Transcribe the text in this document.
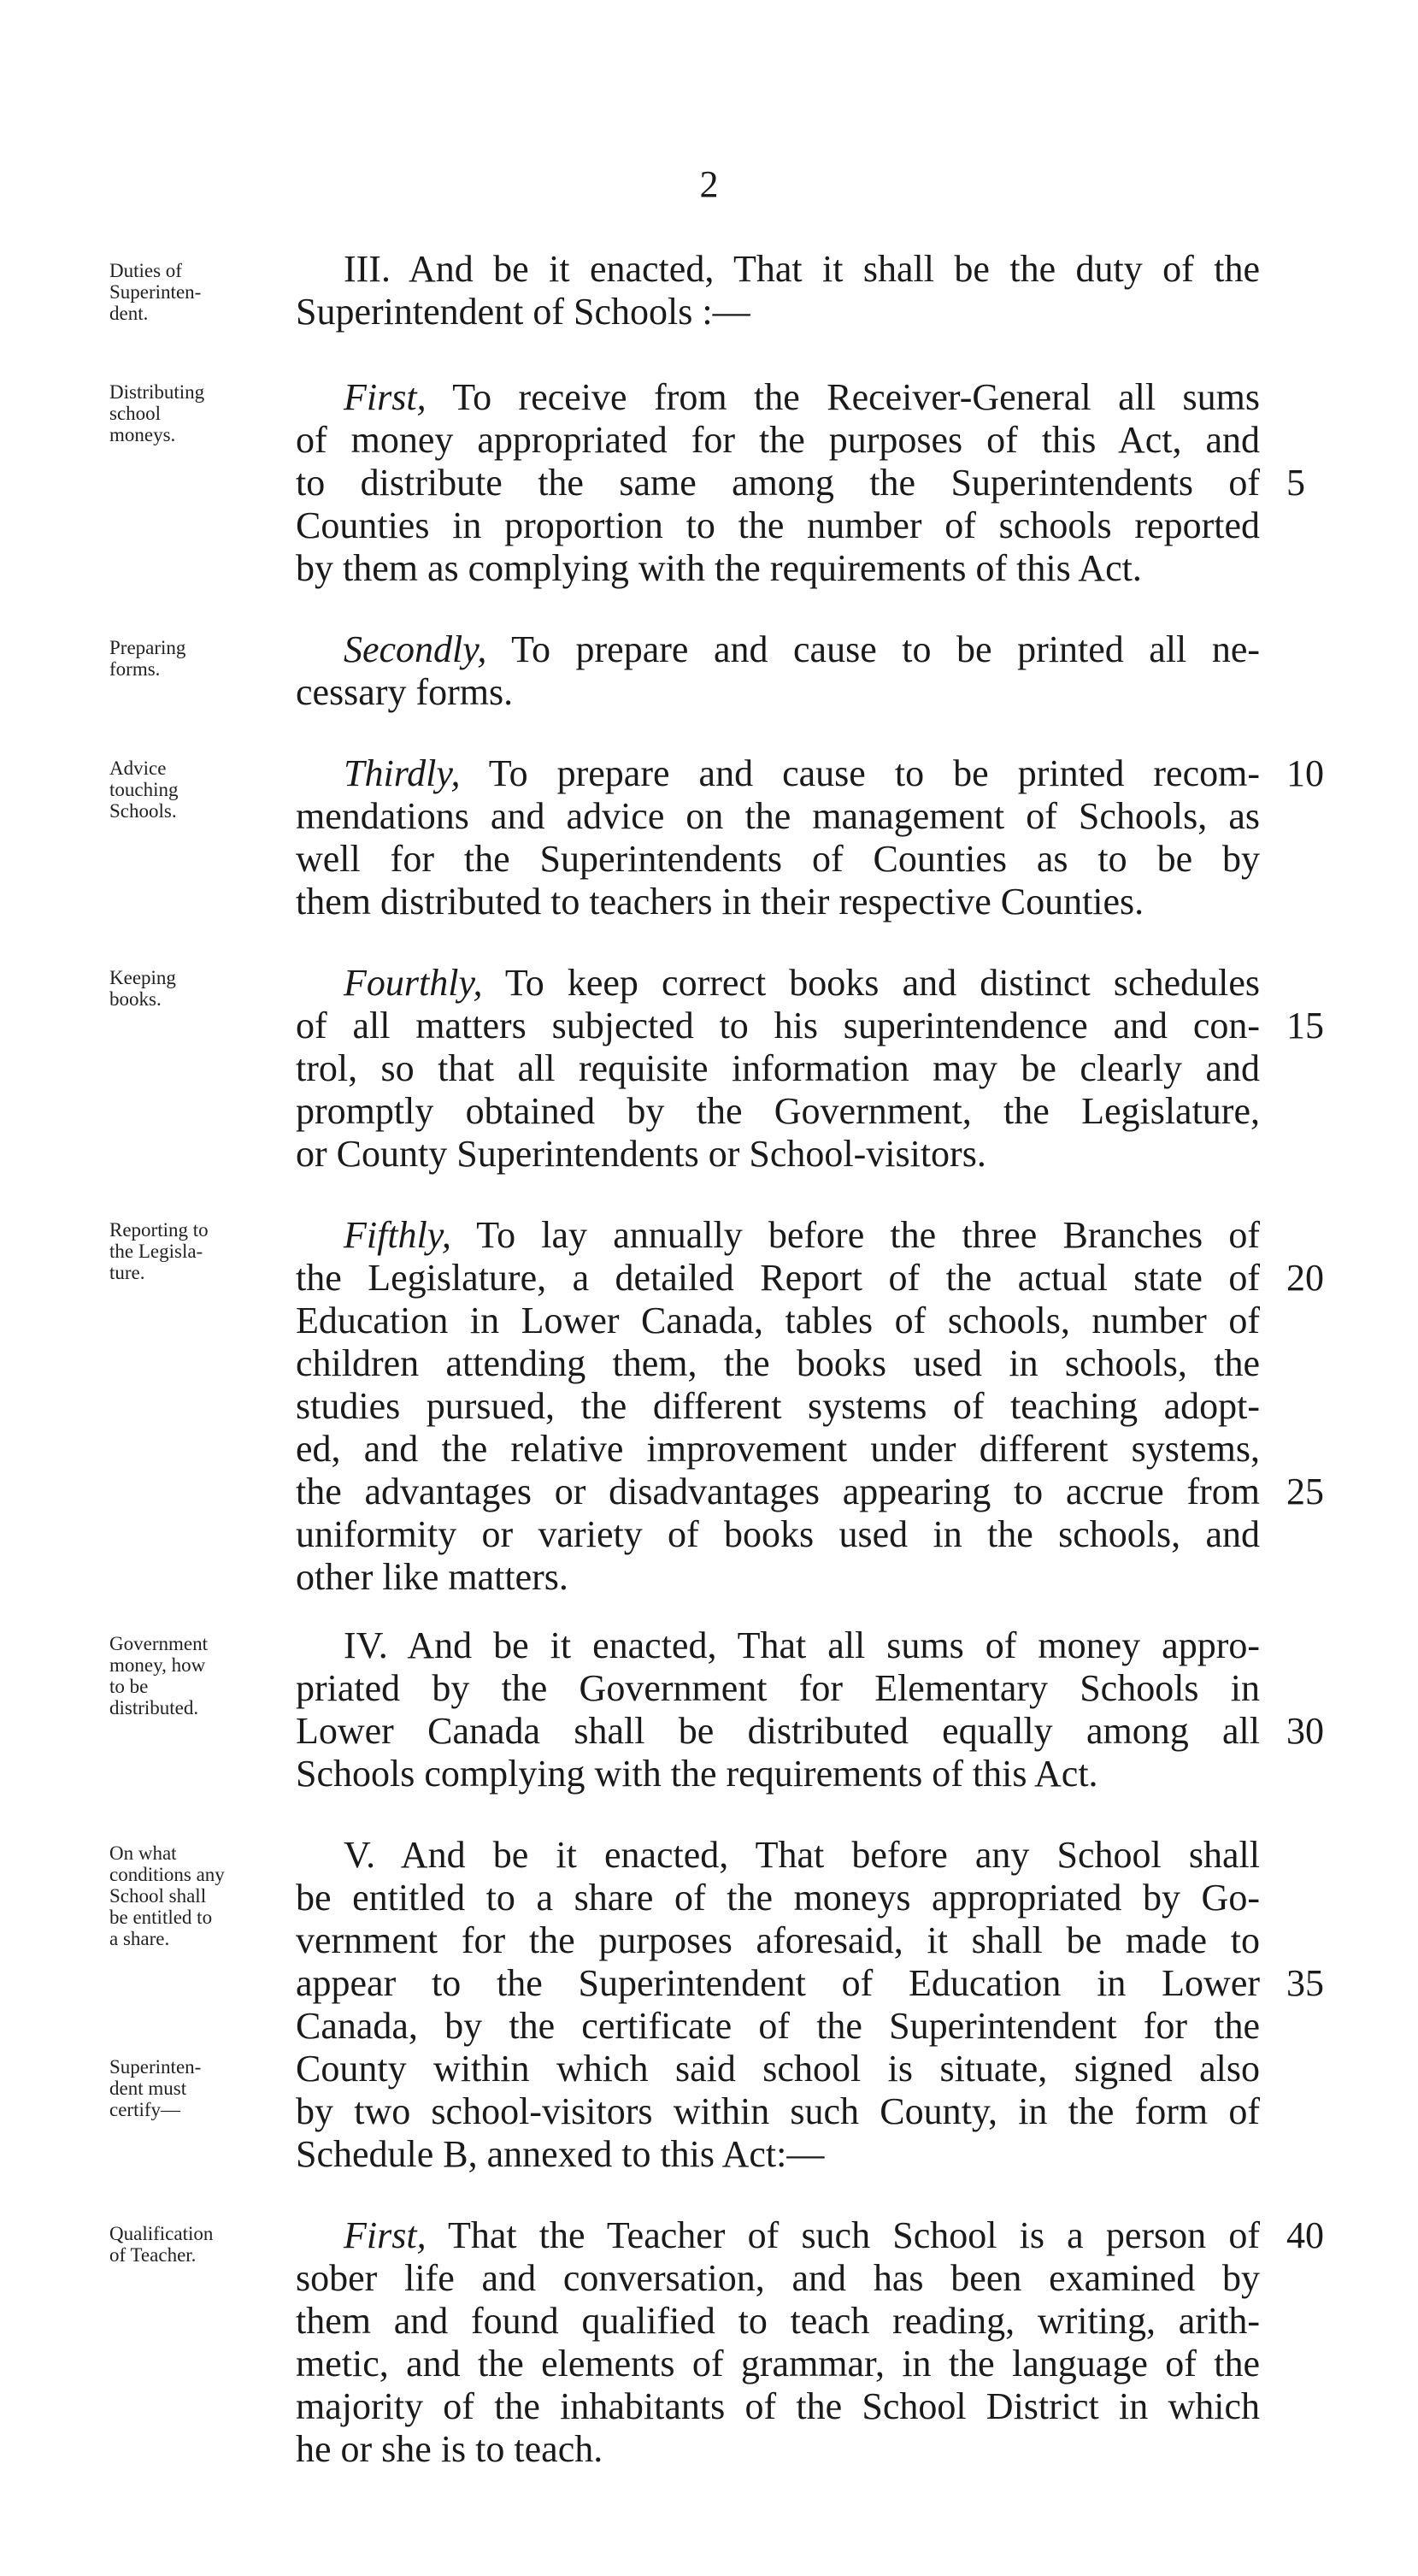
2
Duties of
Superinten-
dent.
III. And be it enacted, That it shall be the duty of the
Superintendent of Schools :—
Distributing
school
moneys.
First, To receive from the Receiver-General all sums
of money appropriated for the purposes of this Act, and
to distribute the same among the Superintendents of
Counties in proportion to the number of schools reported
by them as complying with the requirements of this Act.
5
Preparing
forms.	Secondly, To prepare and cause to be printed all ne-
cessary forms.
Advice
touching
Schools.
Thirdly, To prepare and cause to be printed recom-
mendations and advice on the management of Schools, as
well for the Superintendents of Counties as to be by
them distributed to teachers in their respective Counties.
10
Keeping
books.	Fourthly, To keep correct books and distinct schedules
of all matters subjected to his superintendence and con-
trol, so that all requisite information may be clearly and
promptly obtained by the Government, the Legislature,
or County Superintendents or School-visitors.
15
Reporting to
the Legisla-
ture.
Fifthly, To lay annually before the three Branches of
the Legislature, a detailed Report of the actual state of
Education in Lower Canada, tables of schools, number of
children attending them, the books used in schools, the
studies pursued, the different systems of teaching adopt-
ed, and the relative improvement under different systems,
the advantages or disadvantages appearing to accrue from
uniformity or variety of books used in the schools, and
other like matters.
20
25
Government
money, how
to be
distributed.
IV. And be it enacted, That all sums of money appro-
priated by the Government for Elementary Schools in
Lower Canada shall be distributed equally among all
Schools complying with the requirements of this Act.
30
On what
conditions any
School shall
be entitled to
a share.
Superinten-
dent must
certify—
V. And be it enacted, That before any School shall
be entitled to a share of the moneys appropriated by Go-
vernment for the purposes aforesaid, it shall be made to
appear to the Superintendent of Education in Lower
Canada, by the certificate of the Superintendent for the
County within which said school is situate, signed also
by two school-visitors within such County, in the form of
Schedule B, annexed to this Act:—
35
Qualification
of Teacher.	First, That the Teacher of such School is a person of
sober life and conversation, and has been examined by
them and found qualified to teach reading, writing, arith-
metic, and the elements of grammar, in the language of the
majority of the inhabitants of the School District in which
he or she is to teach.
40
